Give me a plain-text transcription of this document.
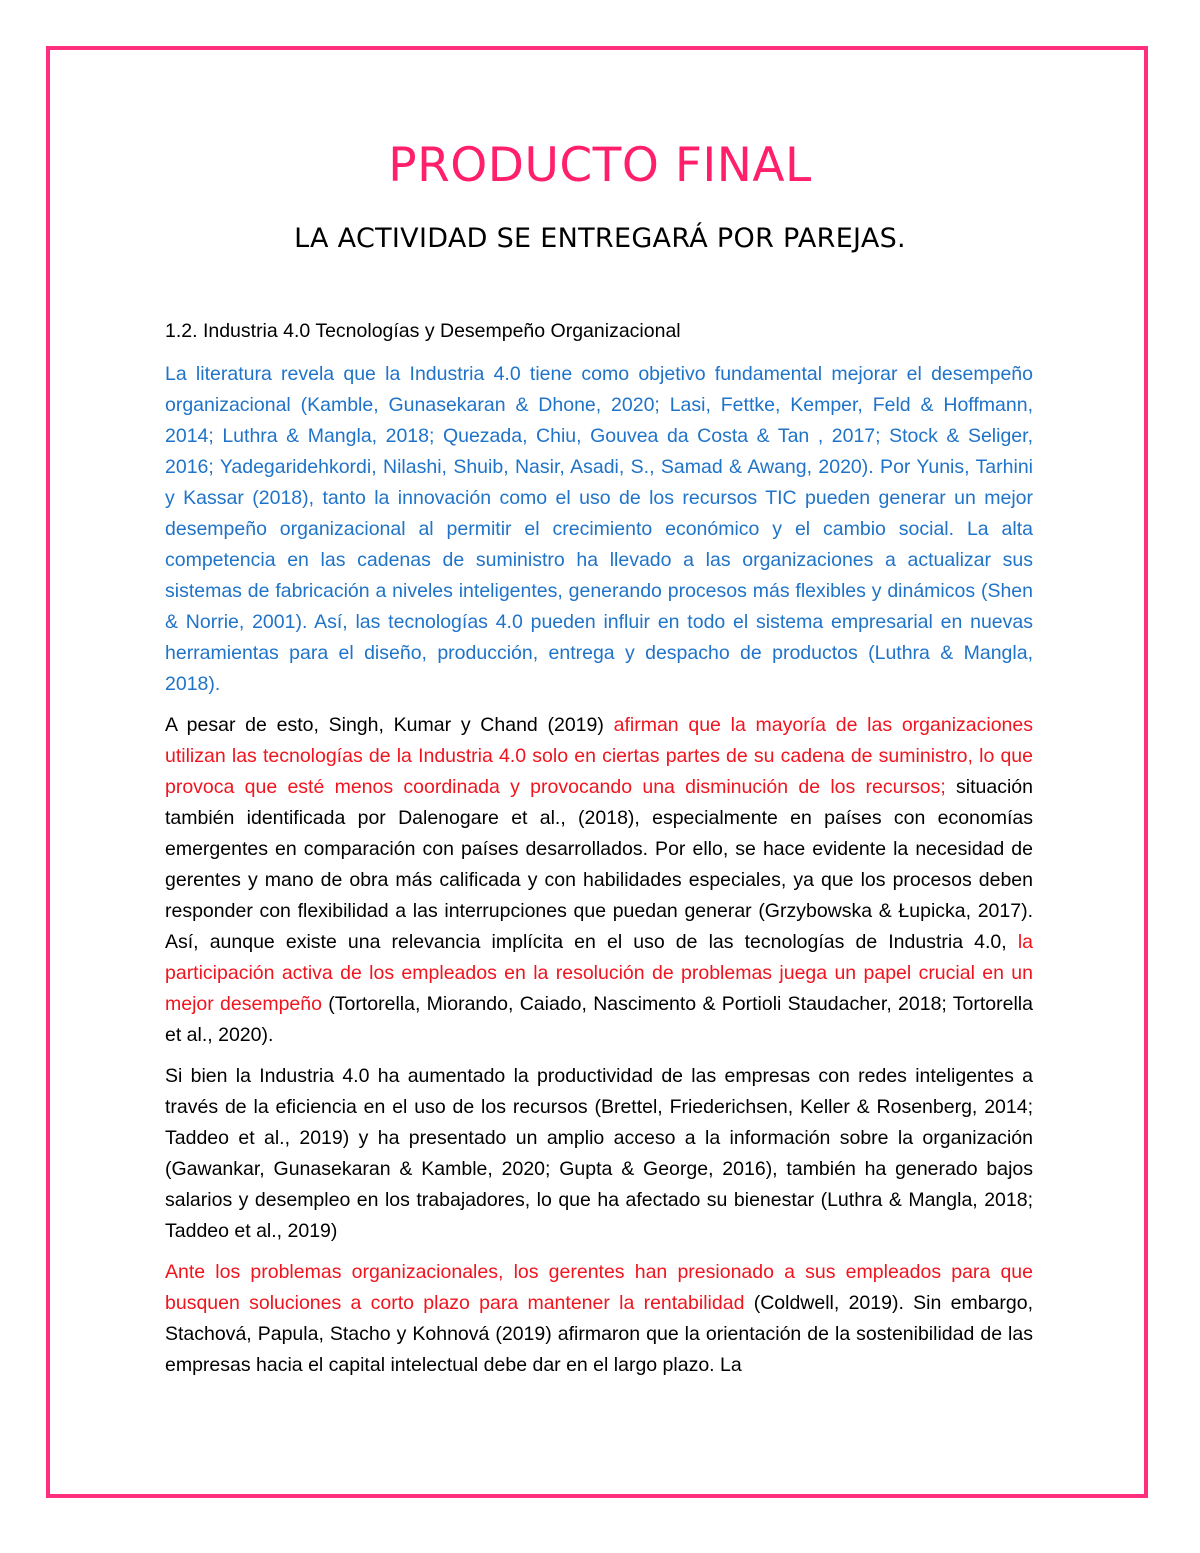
PRODUCTO FINAL
LA ACTIVIDAD SE ENTREGARÁ POR PAREJAS.
1.2. Industria 4.0 Tecnologías y Desempeño Organizacional

La literatura revela que la Industria 4.0 tiene como objetivo fundamental mejorar el desempeño organizacional (Kamble, Gunasekaran & Dhone, 2020; Lasi, Fettke, Kemper, Feld & Hoffmann, 2014; Luthra & Mangla, 2018; Quezada, Chiu, Gouvea da Costa & Tan , 2017; Stock & Seliger, 2016; Yadegaridehkordi, Nilashi, Shuib, Nasir, Asadi, S., Samad & Awang, 2020). Por Yunis, Tarhini y Kassar (2018), tanto la innovación como el uso de los recursos TIC pueden generar un mejor desempeño organizacional al permitir el crecimiento económico y el cambio social. La alta competencia en las cadenas de suministro ha llevado a las organizaciones a actualizar sus sistemas de fabricación a niveles inteligentes, generando procesos más flexibles y dinámicos (Shen & Norrie, 2001). Así, las tecnologías 4.0 pueden influir en todo el sistema empresarial en nuevas herramientas para el diseño, producción, entrega y despacho de productos (Luthra & Mangla, 2018).

A pesar de esto, Singh, Kumar y Chand (2019) afirman que la mayoría de las organizaciones utilizan las tecnologías de la Industria 4.0 solo en ciertas partes de su cadena de suministro, lo que provoca que esté menos coordinada y provocando una disminución de los recursos; situación también identificada por Dalenogare et al., (2018), especialmente en países con economías emergentes en comparación con países desarrollados. Por ello, se hace evidente la necesidad de gerentes y mano de obra más calificada y con habilidades especiales, ya que los procesos deben responder con flexibilidad a las interrupciones que puedan generar (Grzybowska & Łupicka, 2017). Así, aunque existe una relevancia implícita en el uso de las tecnologías de Industria 4.0, la participación activa de los empleados en la resolución de problemas juega un papel crucial en un mejor desempeño (Tortorella, Miorando, Caiado, Nascimento & Portioli Staudacher, 2018; Tortorella et al., 2020).

Si bien la Industria 4.0 ha aumentado la productividad de las empresas con redes inteligentes a través de la eficiencia en el uso de los recursos (Brettel, Friederichsen, Keller & Rosenberg, 2014; Taddeo et al., 2019) y ha presentado un amplio acceso a la información sobre la organización (Gawankar, Gunasekaran & Kamble, 2020; Gupta & George, 2016), también ha generado bajos salarios y desempleo en los trabajadores, lo que ha afectado su bienestar (Luthra & Mangla, 2018; Taddeo et al., 2019)

Ante los problemas organizacionales, los gerentes han presionado a sus empleados para que busquen soluciones a corto plazo para mantener la rentabilidad (Coldwell, 2019). Sin embargo, Stachová, Papula, Stacho y Kohnová (2019) afirmaron que la orientación de la sostenibilidad de las empresas hacia el capital intelectual debe dar en el largo plazo. La
